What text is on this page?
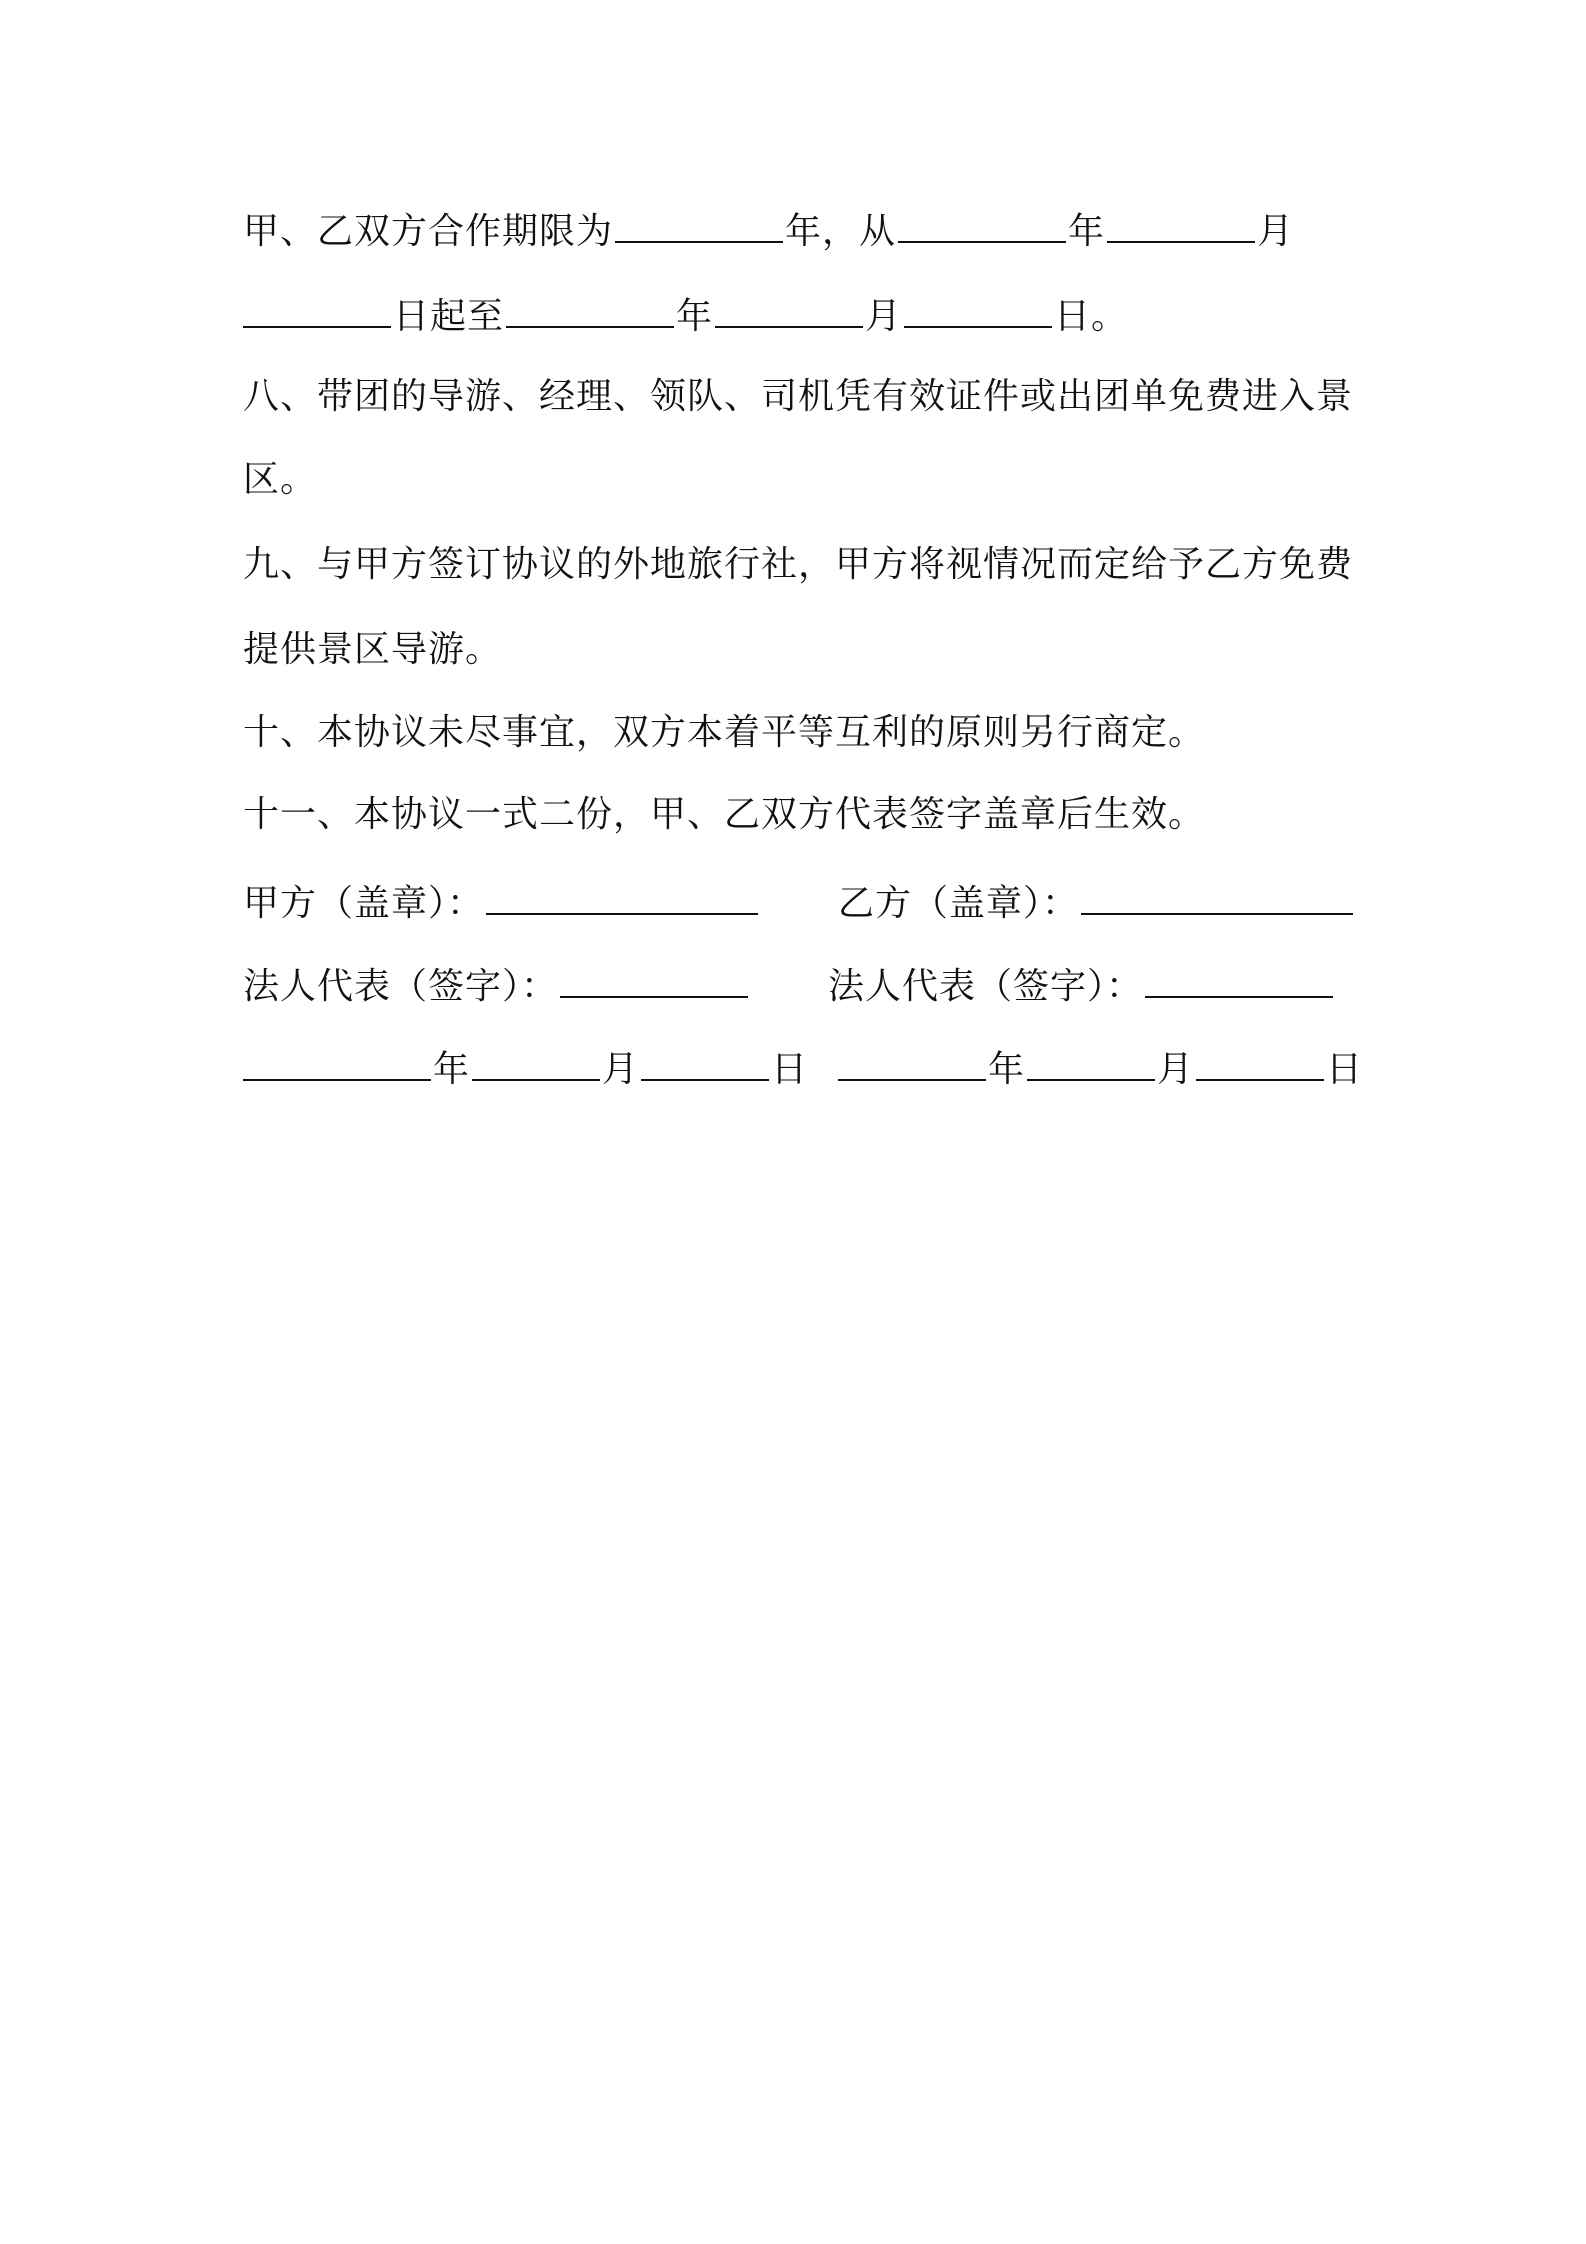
甲、乙双方合作期限为	年，从	年	月
日起至	年	月	日。
八、带团的导游、经理、领队、司机凭有效证件或出团单免费进入景
区。
九、与甲方签订协议的外地旅行社，甲方将视情况而定给予乙方免费
提供景区导游。
十、本协议未尽事宜，双方本着平等互利的原则另行商定。
十一、本协议一式二份，甲、乙双方代表签字盖章后生效。
甲方（盖章）：	乙方（盖章）：
法人代表（签字）：	法人代表（签字）：
年	月	日	年	月	日
